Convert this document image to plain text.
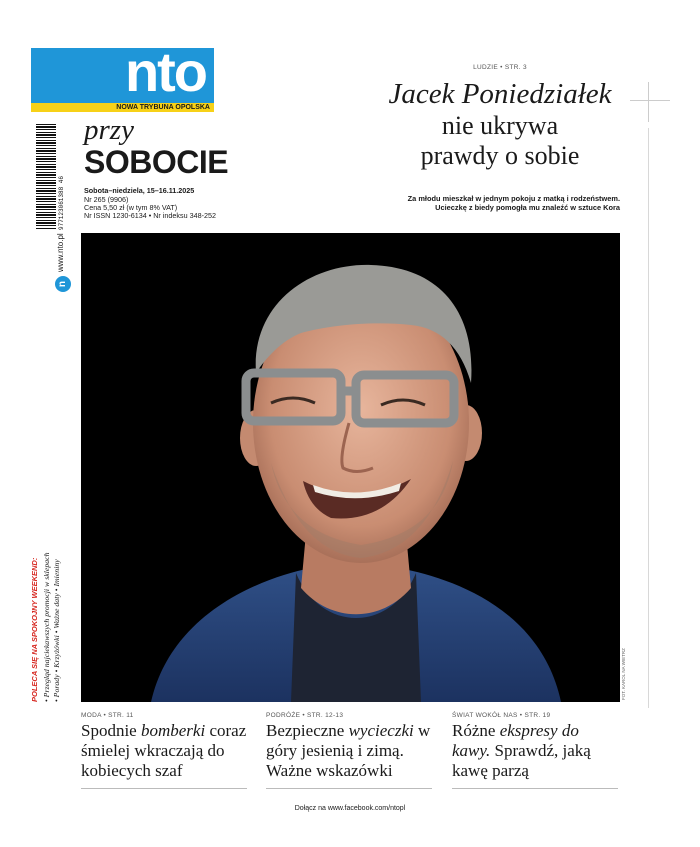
nto
NOWA TRYBUNA OPOLSKA
przy
SOBOCIE
Sobota–niedziela, 15–16.11.2025
Nr 265 (9906)
Cena 5,50 zł (w tym 8% VAT)
Nr ISSN 1230-6134 • Nr indeksu 348-252
977123061388 46
www.nto.pl
n
LUDZIE • STR. 3
Jacek Poniedziałek
nie ukrywa
prawdy o sobie
Za młodu mieszkał w jednym pokoju z matką i rodzeństwem.
Ucieczkę z biedy pomogła mu znaleźć w sztuce Kora
FOT. KAROL NA WIETRZ
POLECA SIĘ NA SPOKOJNY WEEKEND: • Przegląd najciekawszych promocji w sklepach • Porady • Krzyżówki • Ważne daty • Imieniny
MODA • STR. 11
Spodnie bomberki coraz śmielej wkraczają do kobiecych szaf
PODRÓŻE • STR. 12-13
Bezpieczne wycieczki w góry jesienią i zimą. Ważne wskazówki
ŚWIAT WOKÓŁ NAS • STR. 19
Różne ekspresy do kawy. Sprawdź, jaką kawę parzą
Dołącz na www.facebook.com/ntopl
